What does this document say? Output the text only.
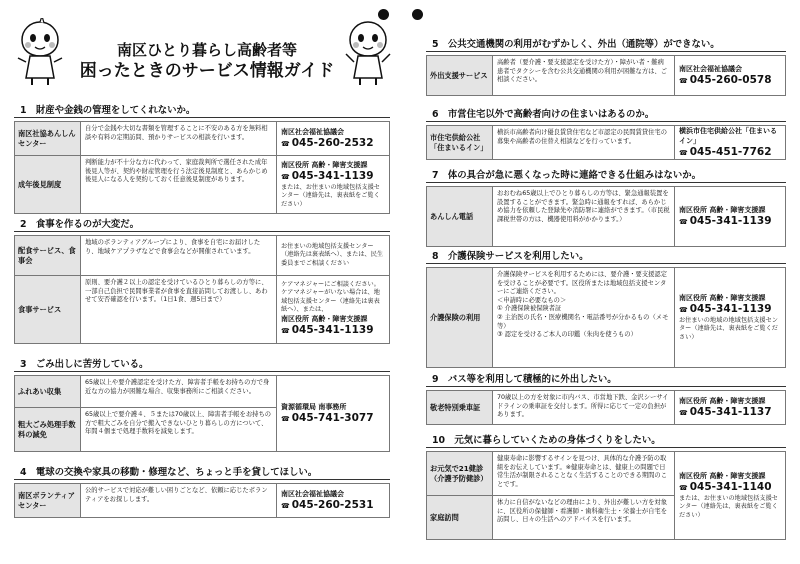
南区ひとり暮らし高齢者等
困ったときのサービス情報ガイド
1　財産や金銭の管理をしてくれないか。
南区社協あんしんセンター
自分で金銭や大切な書類を管理することに不安のある方を無料相談や有料の定期訪問、預かりサービスの相談を行います。
南区社会福祉協議会
☎ 045-260-2532
成年後見制度
判断能力が不十分な方に代わって、家庭裁判所で選任された成年後見人等が、契約や財産管理を行う法定後見制度と、あらかじめ後見人になる人を契約しておく任意後見制度があります。
南区役所 高齢・障害支援課
☎ 045-341-1139
または、お住まいの地域包括支援センター（連絡先は、裏表紙をご覧ください）
2　食事を作るのが大変だ。
配食サービス、食事会
地域のボランティアグループにより、食事を自宅にお届けしたり、地域ケアプラザなどで食事会などが開催されています。
お住まいの地域包括支援センター（連絡先は裏表紙へ）、または、民生委員までご相談ください
食事サービス
原則、要介護２以上の認定を受けているひとり暮らしの方等に、一部自己負担で民間事業者が食事を直接訪問してお渡しし、あわせて安否確認を行います。（1日1食、週5日まで）
ケアマネジャーにご相談ください。ケアマネジャーがいない場合は、地域包括支援センター（連絡先は裏表紙へ）、または、
南区役所 高齢・障害支援課
☎ 045-341-1139
3　ごみ出しに苦労している。
ふれあい収集
65歳以上や要介護認定を受けた方、障害者手帳をお持ちの方で身近な方の協力が困難な場合、収集事務所にご相談ください。
粗大ごみ処理手数料の減免
65歳以上で要介護４、５または70歳以上、障害者手帳をお持ちの方で粗大ごみを自分で搬入できないひとり暮らしの方について、年間４個まで処理手数料を減免します。
資源循環局 南事務所
☎ 045-741-3077
4　電球の交換や家具の移動・修理など、ちょっと手を貸してほしい。
南区ボランティアセンター
公的サービスで対応が難しい困りごとなど、依頼に応じたボランティアをお探しします。
南区社会福祉協議会
☎ 045-260-2531
5　公共交通機関の利用がむずかしく、外出（通院等）ができない。
外出支援サービス
高齢者（要介護・要支援認定を受けた方）・障がい者・難病患者でタクシーを含む公共交通機関の利用が困難な方は、ご相談ください。
南区社会福祉協議会
☎ 045-260-0578
6　市営住宅以外で高齢者向けの住まいはあるのか。
市住宅供給公社「住まいるイン」
横浜市高齢者向け優良賃貸住宅など市認定の民間賃貸住宅の募集や高齢者の住替え相談などを行っています。
横浜市住宅供給公社「住まいるイン」
☎ 045-451-7762
7　体の具合が急に悪くなった時に連絡できる仕組みはないか。
あんしん電話
おおむね65歳以上でひとり暮らしの方等は、緊急通報装置を設置することができます。緊急時に通報をすれば、あらかじめ協力を依頼した登録先や消防署に連絡ができます。（市民税課税世帯の方は、機器使用料がかかります。）
南区役所 高齢・障害支援課
☎ 045-341-1139
8　介護保険サービスを利用したい。
介護保険の利用
介護保険サービスを利用するためには、要介護・要支援認定を受けることが必要です。区役所または地域包括支援センターにご連絡ください。
＜申請時に必要なもの＞
① 介護保険被保険者証
② 主治医の氏名・医療機関名・電話番号が分かるもの（メモ等）
③ 認定を受けるご本人の印鑑（朱肉を使うもの）
南区役所 高齢・障害支援課
☎ 045-341-1139
お住まいの地域の地域包括支援センター（連絡先は、裏表紙をご覧ください）
9　バス等を利用して積極的に外出したい。
敬老特別乗車証
70歳以上の方を対象に市内バス、市営地下鉄、金沢シーサイドラインの乗車証を交付します。所得に応じて一定の負担があります。
南区役所 高齢・障害支援課
☎ 045-341-1137
10　元気に暮らしていくための身体づくりをしたい。
お元気で21健診（介護予防健診）
健康寿命に影響するサインを見つけ、具体的な介護予防の取組をお伝えしています。※健康寿命とは、健康上の問題で日常生活が制限されることなく生活することのできる期間のことです。
家庭訪問
体力に自信がないなどの理由により、外出が難しい方を対象に、区役所の保健師・看護師・歯科衛生士・栄養士が自宅を訪問し、日々の生活へのアドバイスを行います。
南区役所 高齢・障害支援課
☎ 045-341-1140
または、お住まいの地域包括支援センター（連絡先は、裏表紙をご覧ください）
